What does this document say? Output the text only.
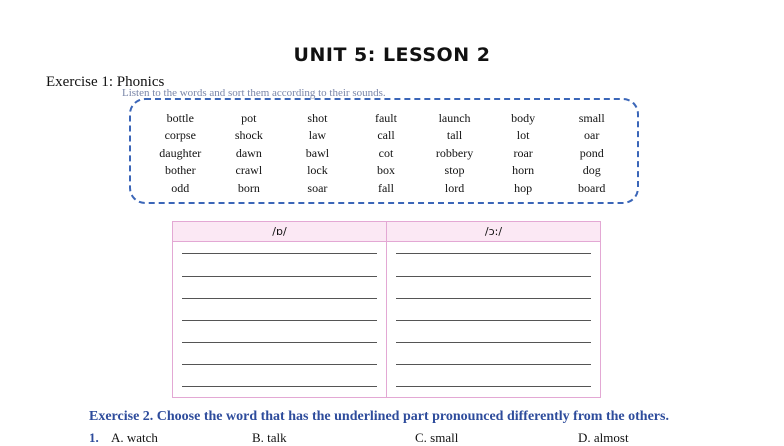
UNIT 5: LESSON 2
Exercise 1: Phonics
Listen to the words and sort them according to their sounds.
bottle	pot	shot	fault	launch	body	small
corpse	shock	law	call	tall	lot	oar
daughter	dawn	bawl	cot	robbery	roar	pond
bother	crawl	lock	box	stop	horn	dog
odd	born	soar	fall	lord	hop	board
/ɒ/	/ɔ:/
Exercise 2. Choose the word that has the underlined part pronounced differently from the others.
1. A. watch	B. talk	C. small	D. almost
